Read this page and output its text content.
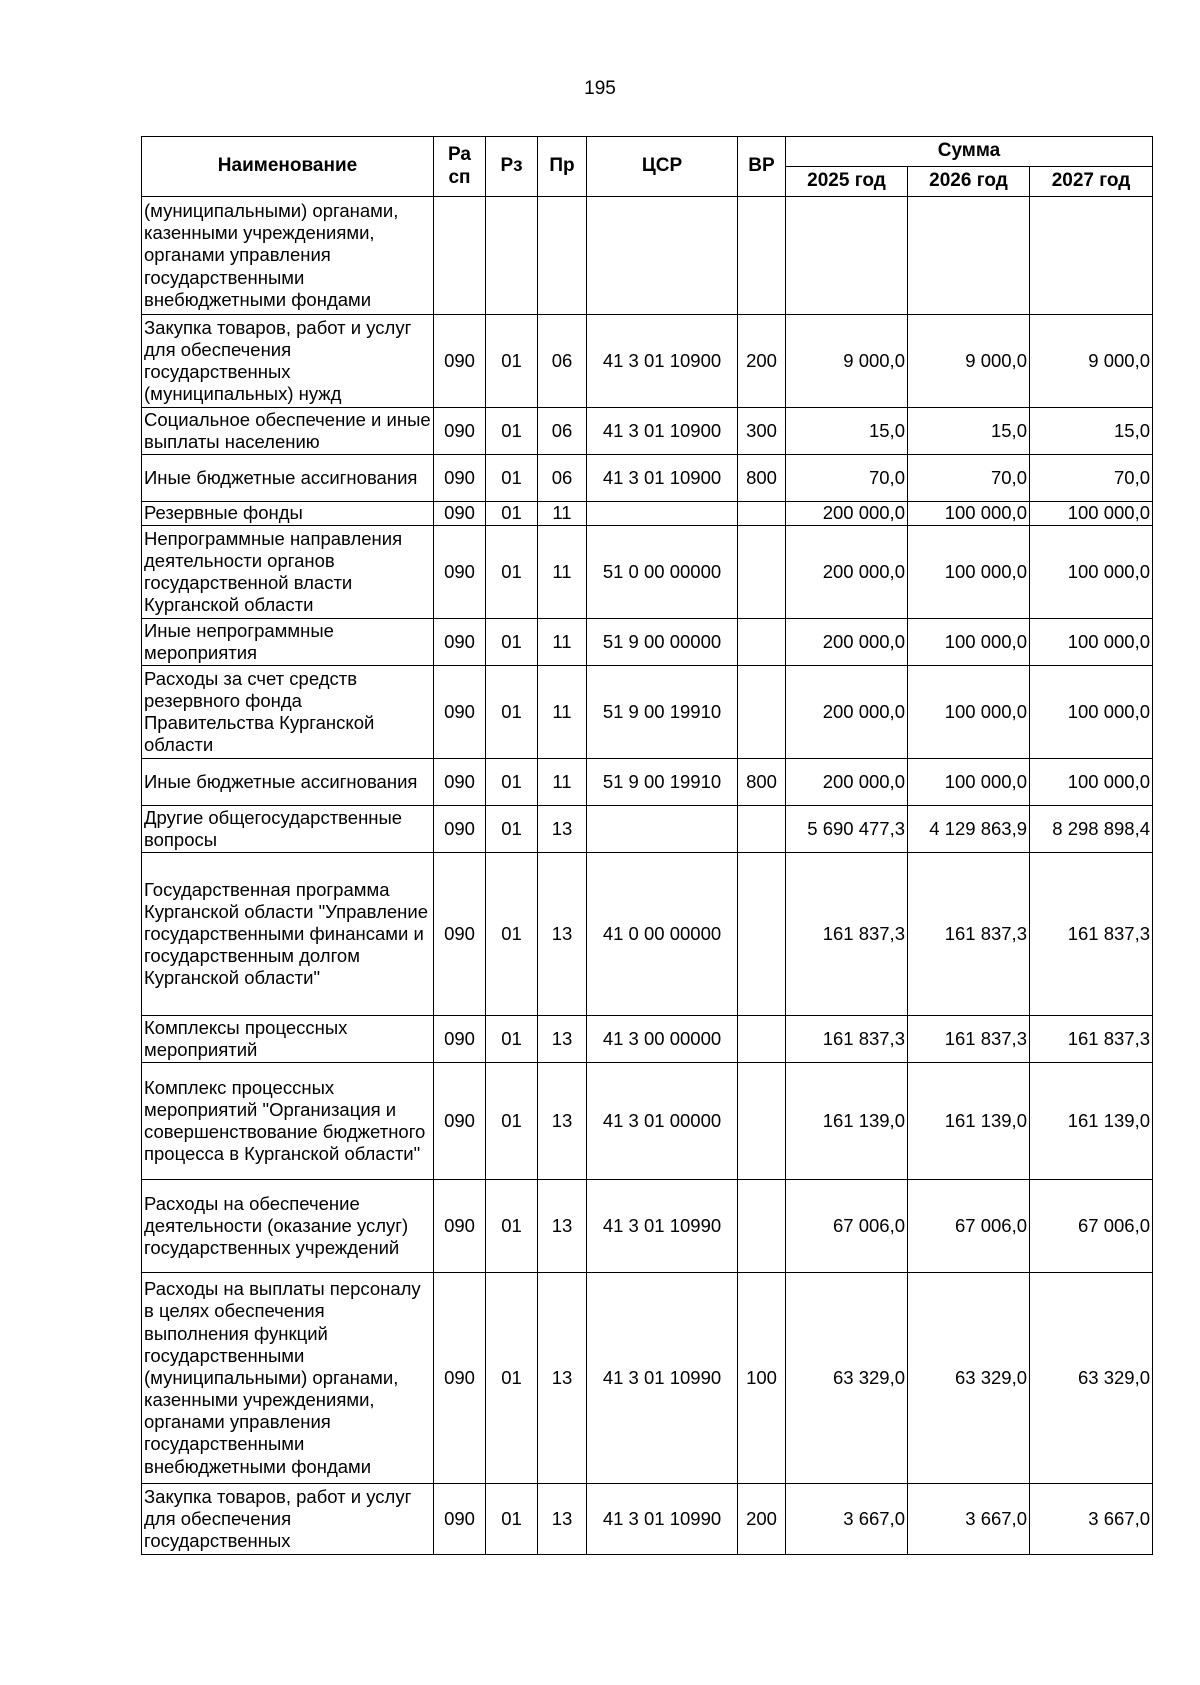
195
Наименование	Ра сп	Рз	Пр	ЦСР	ВР	Сумма		
						2025 год	2026 год	2027 год
(муниципальными) органами, казенными учреждениями, органами управления государственными внебюджетными фондами								
Закупка товаров, работ и услуг для обеспечения государственных (муниципальных) нужд	090	01	06	41 3 01 10900	200	9 000,0	9 000,0	9 000,0
Социальное обеспечение и иные выплаты населению	090	01	06	41 3 01 10900	300	15,0	15,0	15,0
Иные бюджетные ассигнования	090	01	06	41 3 01 10900	800	70,0	70,0	70,0
Резервные фонды	090	01	11			200 000,0	100 000,0	100 000,0
Непрограммные направления деятельности органов государственной власти Курганской области	090	01	11	51 0 00 00000		200 000,0	100 000,0	100 000,0
Иные непрограммные мероприятия	090	01	11	51 9 00 00000		200 000,0	100 000,0	100 000,0
Расходы за счет средств резервного фонда Правительства Курганской области	090	01	11	51 9 00 19910		200 000,0	100 000,0	100 000,0
Иные бюджетные ассигнования	090	01	11	51 9 00 19910	800	200 000,0	100 000,0	100 000,0
Другие общегосударственные вопросы	090	01	13			5 690 477,3	4 129 863,9	8 298 898,4
Государственная программа Курганской области "Управление государственными финансами и государственным долгом Курганской области"	090	01	13	41 0 00 00000		161 837,3	161 837,3	161 837,3
Комплексы процессных мероприятий	090	01	13	41 3 00 00000		161 837,3	161 837,3	161 837,3
Комплекс процессных мероприятий "Организация и совершенствование бюджетного процесса в Курганской области"	090	01	13	41 3 01 00000		161 139,0	161 139,0	161 139,0
Расходы на обеспечение деятельности (оказание услуг) государственных учреждений	090	01	13	41 3 01 10990		67 006,0	67 006,0	67 006,0
Расходы на выплаты персоналу в целях обеспечения выполнения функций государственными (муниципальными) органами, казенными учреждениями, органами управления государственными внебюджетными фондами	090	01	13	41 3 01 10990	100	63 329,0	63 329,0	63 329,0
Закупка товаров, работ и услуг для обеспечения государственных	090	01	13	41 3 01 10990	200	3 667,0	3 667,0	3 667,0
